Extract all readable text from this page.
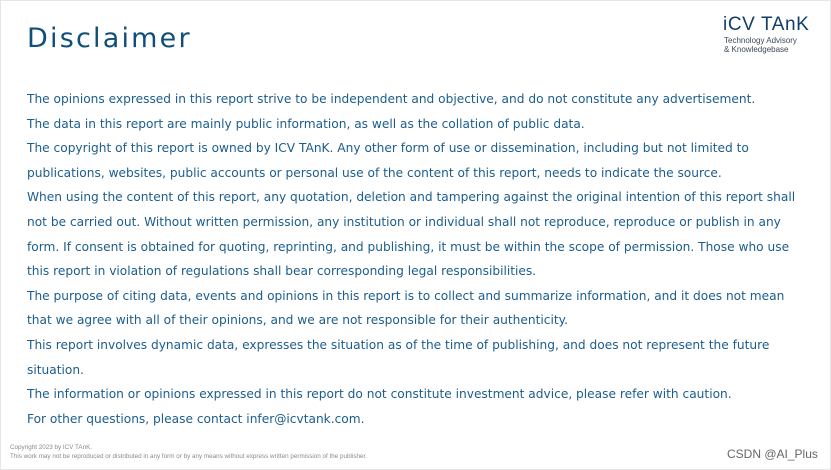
Disclaimer	iCV TAnK
Technology Advisory
& Knowledgebase

The opinions expressed in this report strive to be independent and objective, and do not constitute any advertisement.

The data in this report are mainly public information, as well as the collation of public data.

The copyright of this report is owned by ICV TAnK. Any other form of use or dissemination, including but not limited to publications, websites, public accounts or personal use of the content of this report, needs to indicate the source.

When using the content of this report, any quotation, deletion and tampering against the original intention of this report shall not be carried out. Without written permission, any institution or individual shall not reproduce, reproduce or publish in any form. If consent is obtained for quoting, reprinting, and publishing, it must be within the scope of permission. Those who use this report in violation of regulations shall bear corresponding legal responsibilities.

The purpose of citing data, events and opinions in this report is to collect and summarize information, and it does not mean that we agree with all of their opinions, and we are not responsible for their authenticity.

This report involves dynamic data, expresses the situation as of the time of publishing, and does not represent the future situation.

The information or opinions expressed in this report do not constitute investment advice, please refer with caution.

For other questions, please contact infer@icvtank.com.

Copyright 2023 by ICV TAnK.
This work may not be reproduced or distributed in any form or by any means without express written permission of the publisher.	CSDN @AI_Plus
